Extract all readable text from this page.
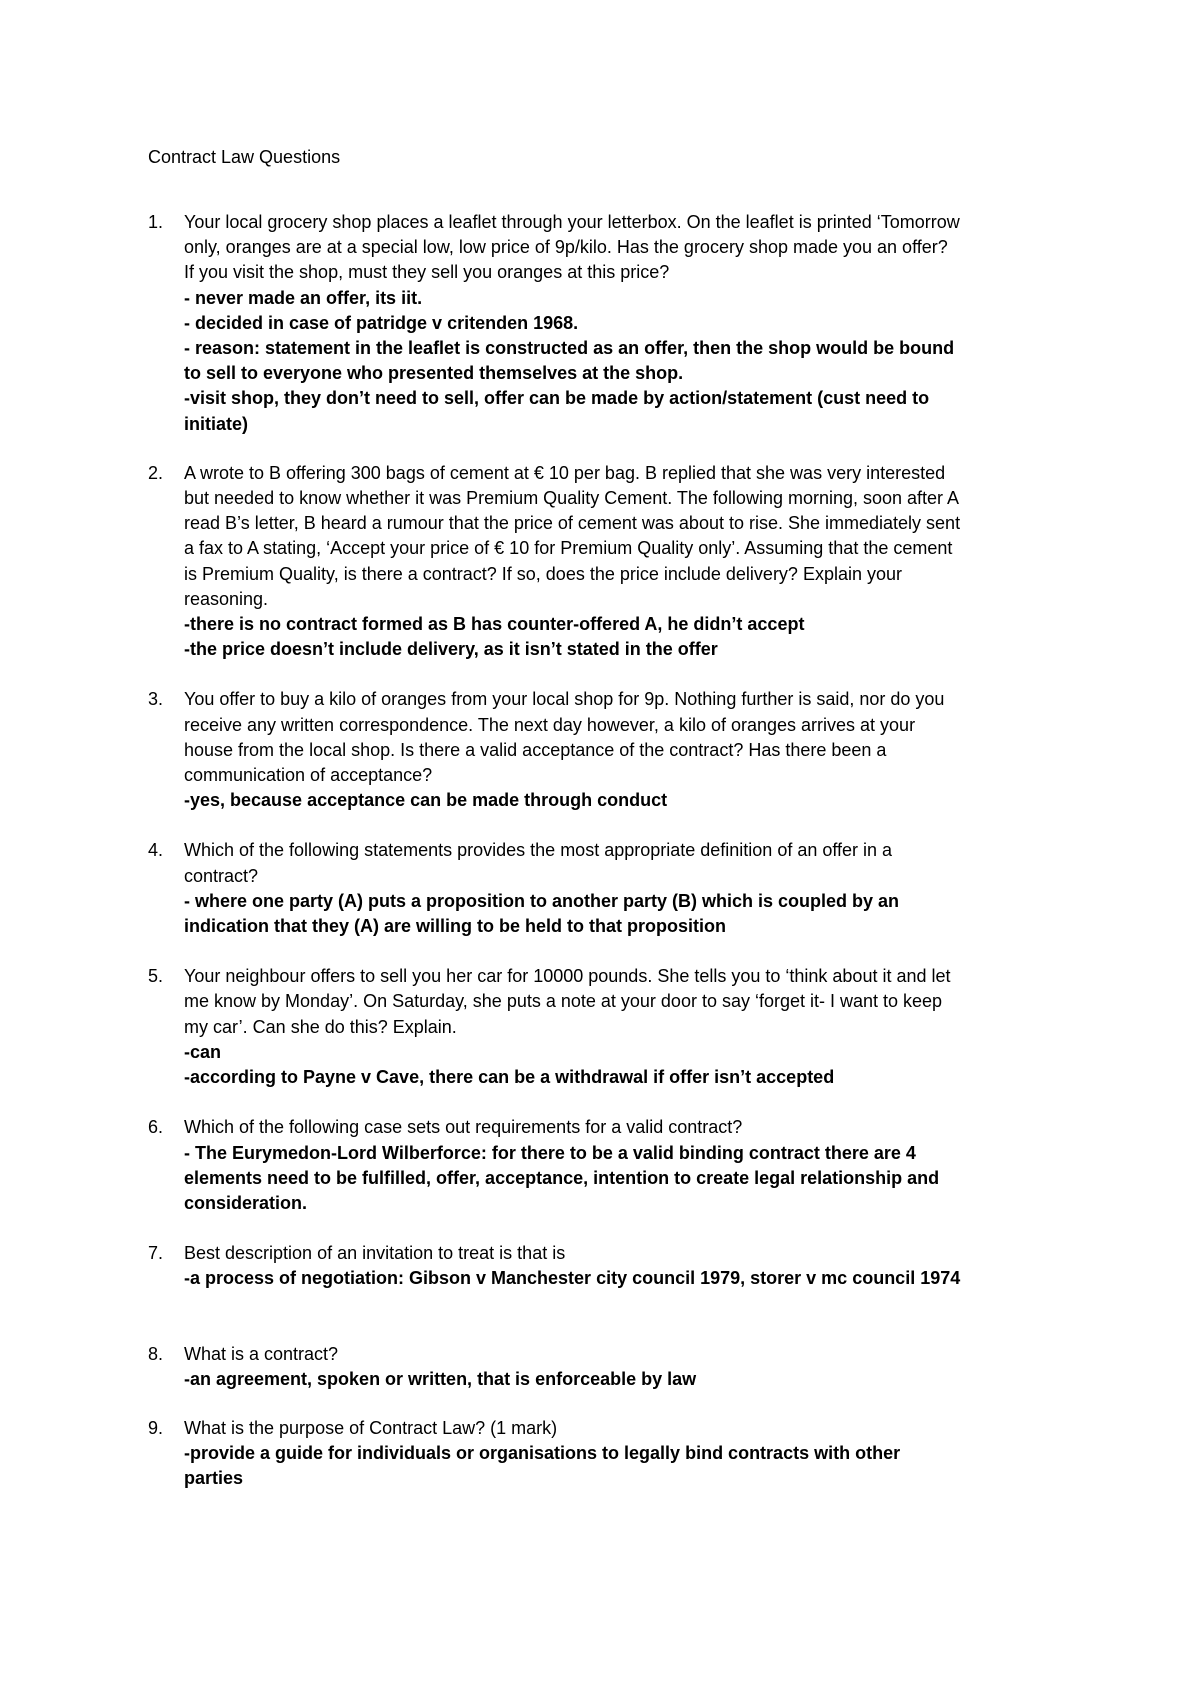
Contract Law Questions
1. Your local grocery shop places a leaflet through your letterbox. On the leaflet is printed ‘Tomorrow
only, oranges are at a special low, low price of 9p/kilo. Has the grocery shop made you an offer?
If you visit the shop, must they sell you oranges at this price?
- never made an offer, its iit.
- decided in case of patridge v critenden 1968.
- reason: statement in the leaflet is constructed as an offer, then the shop would be bound
to sell to everyone who presented themselves at the shop.
-visit shop, they don’t need to sell, offer can be made by action/statement (cust need to
initiate)
2. A wrote to B offering 300 bags of cement at € 10 per bag. B replied that she was very interested
but needed to know whether it was Premium Quality Cement. The following morning, soon after A
read B’s letter, B heard a rumour that the price of cement was about to rise. She immediately sent
a fax to A stating, ‘Accept your price of € 10 for Premium Quality only’. Assuming that the cement
is Premium Quality, is there a contract? If so, does the price include delivery? Explain your
reasoning.
-there is no contract formed as B has counter-offered A, he didn’t accept
-the price doesn’t include delivery, as it isn’t stated in the offer
3. You offer to buy a kilo of oranges from your local shop for 9p. Nothing further is said, nor do you
receive any written correspondence. The next day however, a kilo of oranges arrives at your
house from the local shop. Is there a valid acceptance of the contract? Has there been a
communication of acceptance?
-yes, because acceptance can be made through conduct
4. Which of the following statements provides the most appropriate definition of an offer in a
contract?
- where one party (A) puts a proposition to another party (B) which is coupled by an
indication that they (A) are willing to be held to that proposition
5. Your neighbour offers to sell you her car for 10000 pounds. She tells you to ‘think about it and let
me know by Monday’. On Saturday, she puts a note at your door to say ‘forget it- I want to keep
my car’. Can she do this? Explain.
-can
-according to Payne v Cave, there can be a withdrawal if offer isn’t accepted
6. Which of the following case sets out requirements for a valid contract?
- The Eurymedon-Lord Wilberforce: for there to be a valid binding contract there are 4
elements need to be fulfilled, offer, acceptance, intention to create legal relationship and
consideration.
7. Best description of an invitation to treat is that is
-a process of negotiation: Gibson v Manchester city council 1979, storer v mc council 1974
8. What is a contract?
-an agreement, spoken or written, that is enforceable by law
9. What is the purpose of Contract Law? (1 mark)
-provide a guide for individuals or organisations to legally bind contracts with other
parties
